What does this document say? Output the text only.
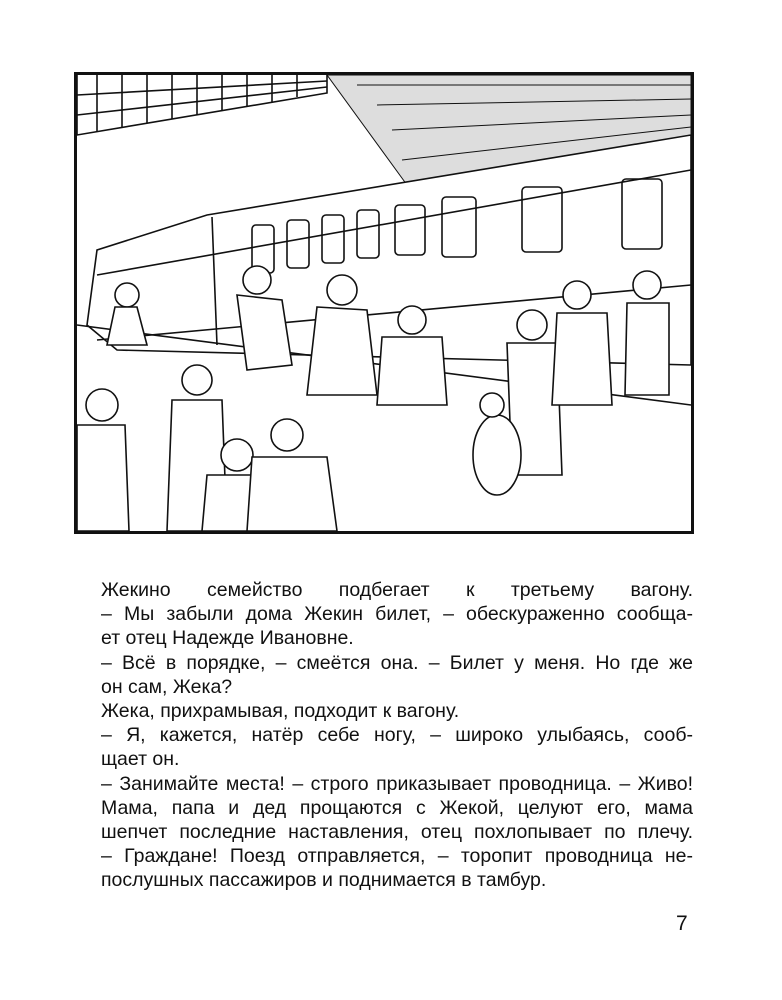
Жекино семейство подбегает к третьему вагону.

– Мы забыли дома Жекин билет, – обескураженно сообща-

ет отец Надежде Ивановне.

– Всё в порядке, – смеётся она. – Билет у меня. Но где же

он сам, Жека?

Жека, прихрамывая, подходит к вагону.

– Я, кажется, натёр себе ногу, – широко улыбаясь, сооб-

щает он.

– Занимайте места! – строго приказывает проводница. – Живо!

Мама, папа и дед прощаются с Жекой, целуют его, мама

шепчет последние наставления, отец похлопывает по плечу.

– Граждане! Поезд отправляется, – торопит проводница не-

послушных пассажиров и поднимается в тамбур.

7
